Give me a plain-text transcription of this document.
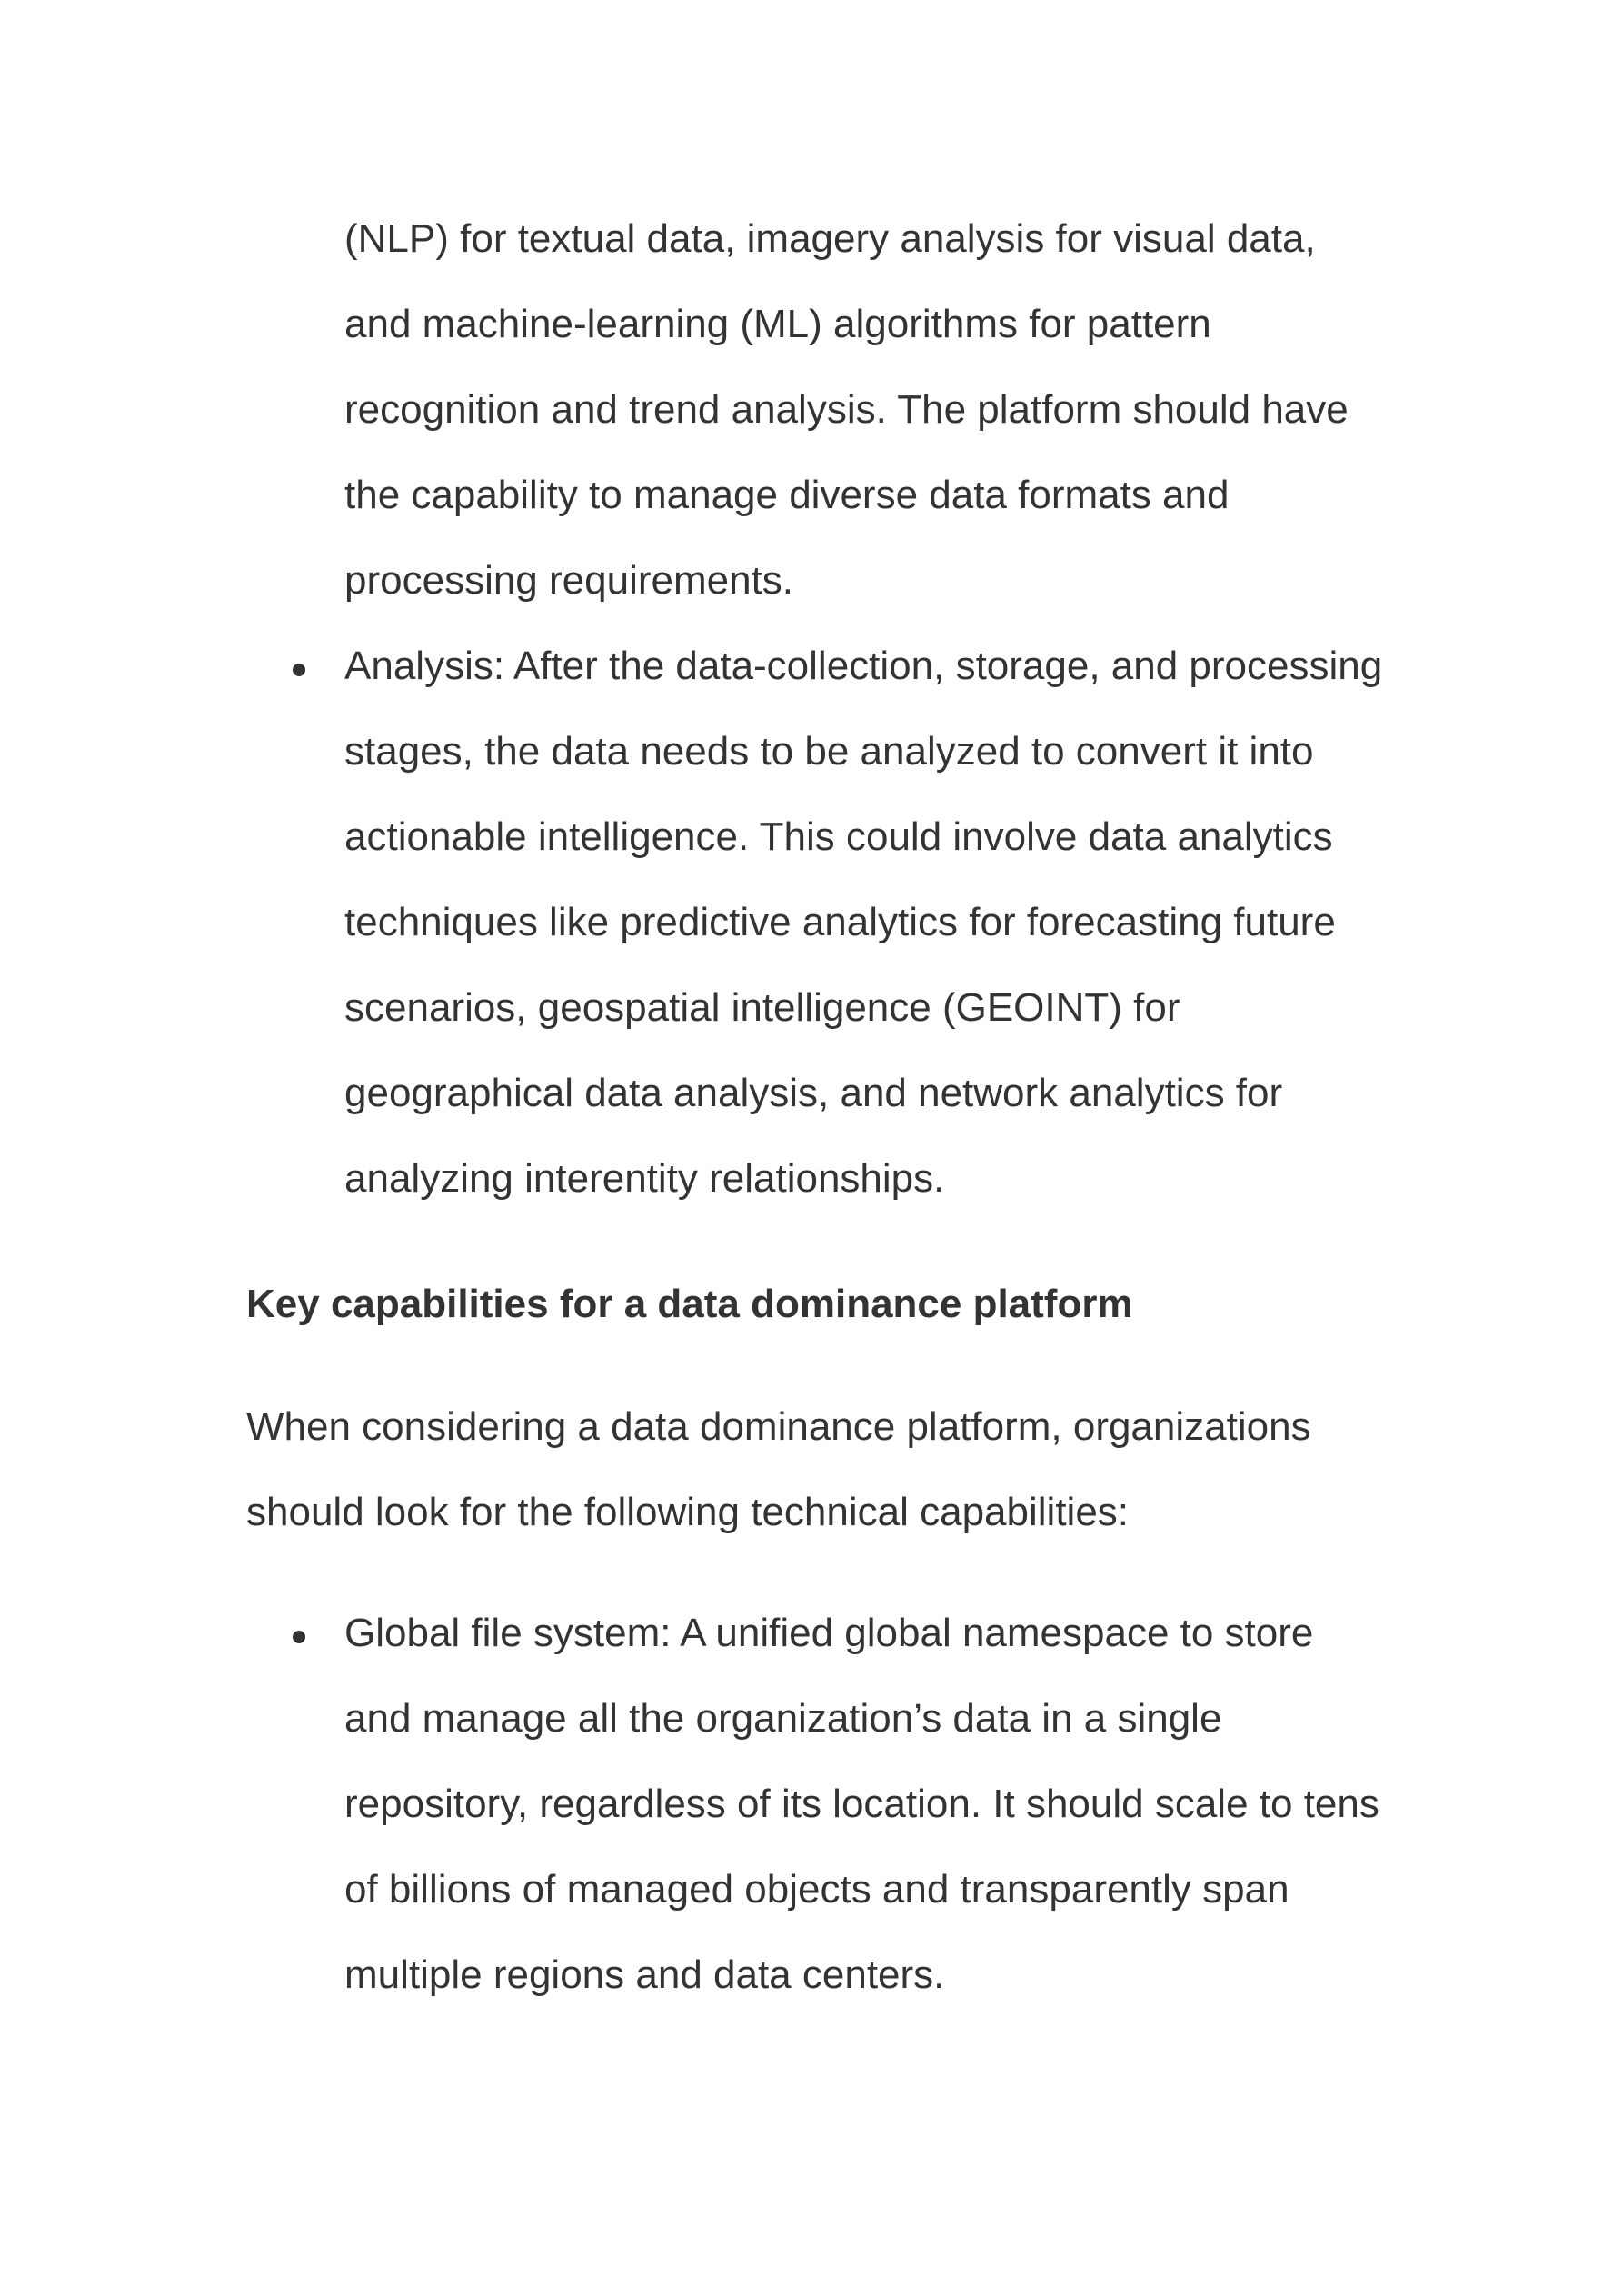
(NLP) for textual data, imagery analysis for visual data,
and machine-learning (ML) algorithms for pattern
recognition and trend analysis. The platform should have
the capability to manage diverse data formats and
processing requirements.

Analysis: After the data-collection, storage, and processing
stages, the data needs to be analyzed to convert it into
actionable intelligence. This could involve data analytics
techniques like predictive analytics for forecasting future
scenarios, geospatial intelligence (GEOINT) for
geographical data analysis, and network analytics for
analyzing interentity relationships.

Key capabilities for a data dominance platform

When considering a data dominance platform, organizations
should look for the following technical capabilities:

Global file system: A unified global namespace to store
and manage all the organization’s data in a single
repository, regardless of its location. It should scale to tens
of billions of managed objects and transparently span
multiple regions and data centers.
